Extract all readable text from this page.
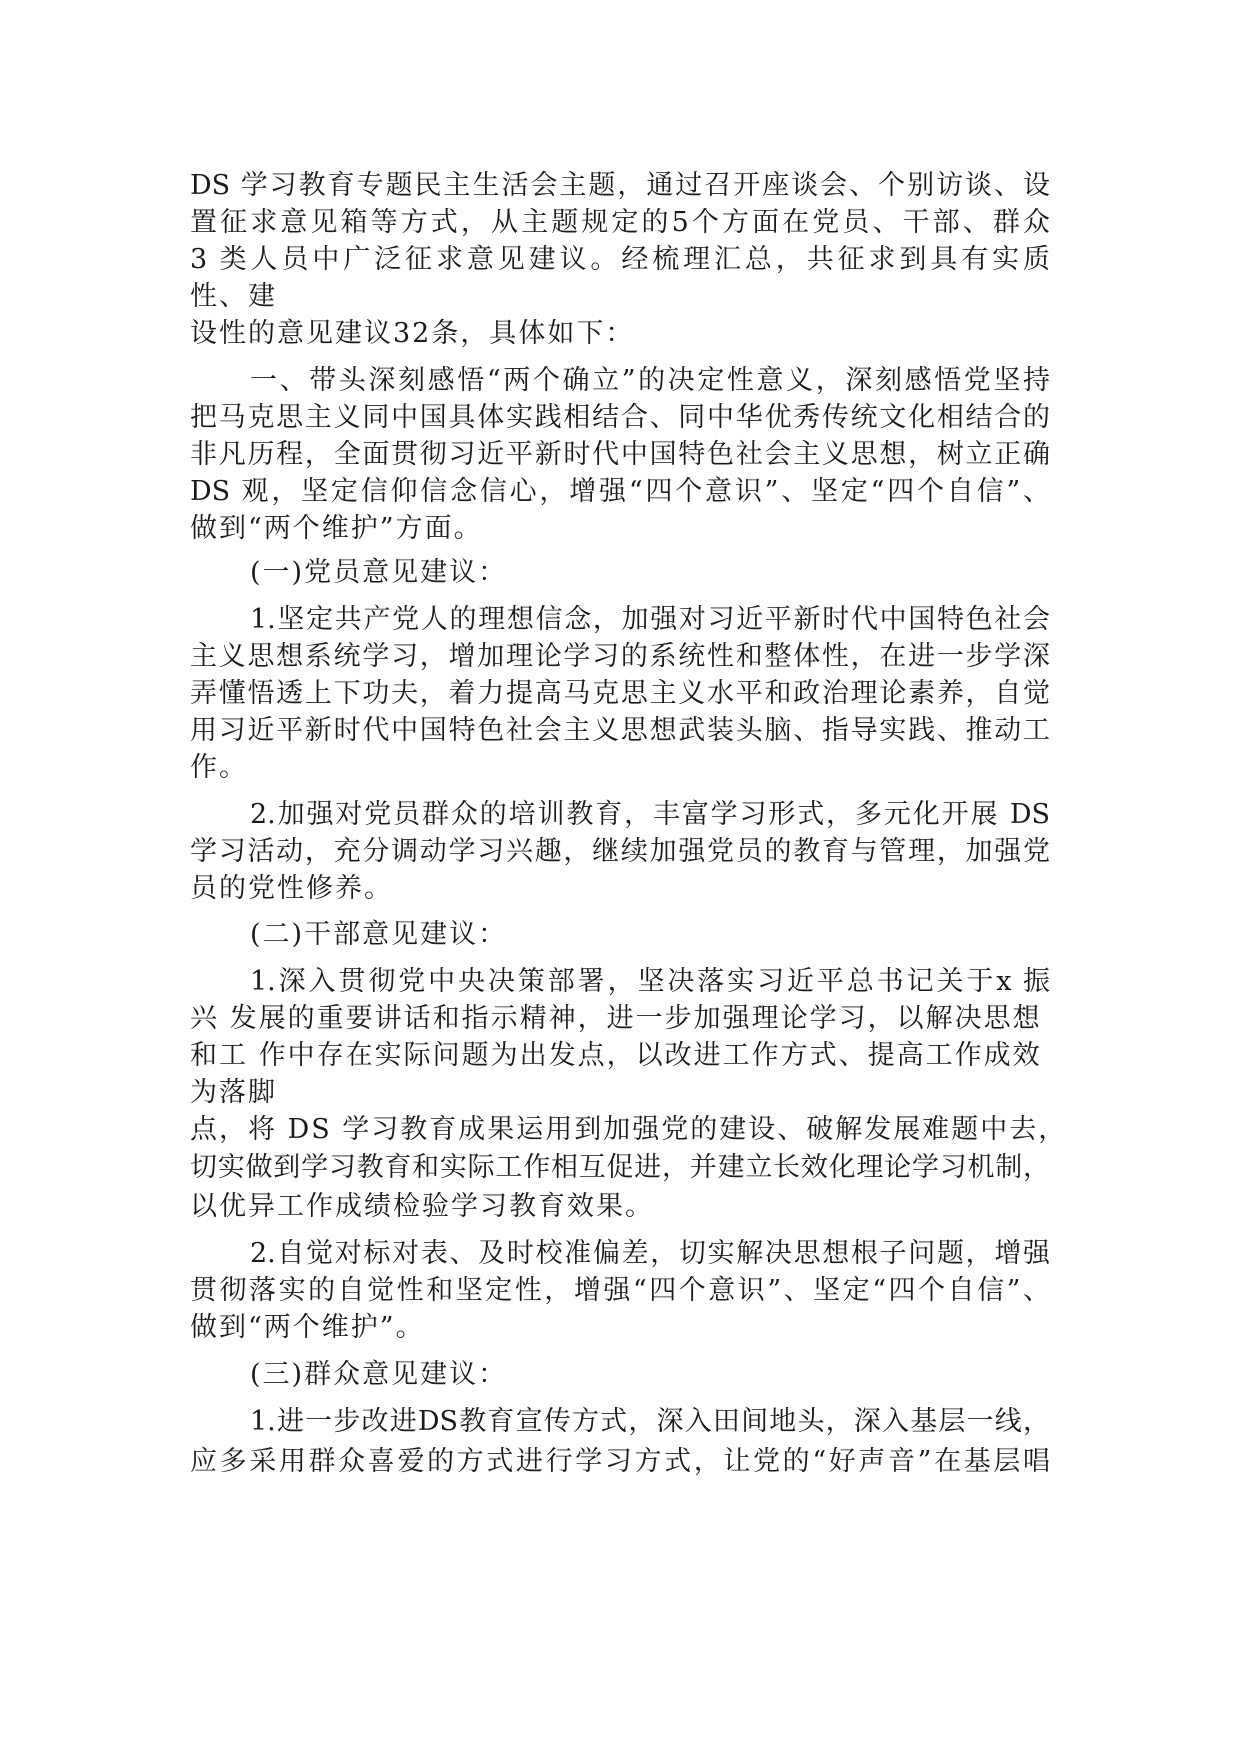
DS 学习教育专题民主生活会主题，通过召开座谈会、个别访谈、设
置征求意见箱等方式，从主题规定的5个方面在党员、干部、群众
3 类人员中广泛征求意见建议。经梳理汇总，共征求到具有实质
性、建
设性的意见建议32条，具体如下：
一、带头深刻感悟“两个确立”的决定性意义，深刻感悟党坚持
把马克思主义同中国具体实践相结合、同中华优秀传统文化相结合的
非凡历程，全面贯彻习近平新时代中国特色社会主义思想，树立正确
DS 观，坚定信仰信念信心，增强“四个意识”、坚定“四个自信”、
做到“两个维护”方面。
(一)党员意见建议：
1.坚定共产党人的理想信念，加强对习近平新时代中国特色社会
主义思想系统学习，增加理论学习的系统性和整体性，在进一步学深
弄懂悟透上下功夫，着力提高马克思主义水平和政治理论素养，自觉
用习近平新时代中国特色社会主义思想武装头脑、指导实践、推动工
作。
2.加强对党员群众的培训教育，丰富学习形式，多元化开展 DS
学习活动，充分调动学习兴趣，继续加强党员的教育与管理，加强党
员的党性修养。
(二)干部意见建议：
1.深入贯彻党中央决策部署，坚决落实习近平总书记关于x 振
兴 发展的重要讲话和指示精神，进一步加强理论学习，以解决思想
和工 作中存在实际问题为出发点，以改进工作方式、提高工作成效
为落脚
点，将 DS 学习教育成果运用到加强党的建设、破解发展难题中去，
切实做到学习教育和实际工作相互促进，并建立长效化理论学习机制，
以优异工作成绩检验学习教育效果。
2.自觉对标对表、及时校准偏差，切实解决思想根子问题，增强
贯彻落实的自觉性和坚定性，增强“四个意识”、坚定“四个自信”、
做到“两个维护”。
(三)群众意见建议：
1.进一步改进DS教育宣传方式，深入田间地头，深入基层一线，
应多采用群众喜爱的方式进行学习方式，让党的“好声音”在基层唱
